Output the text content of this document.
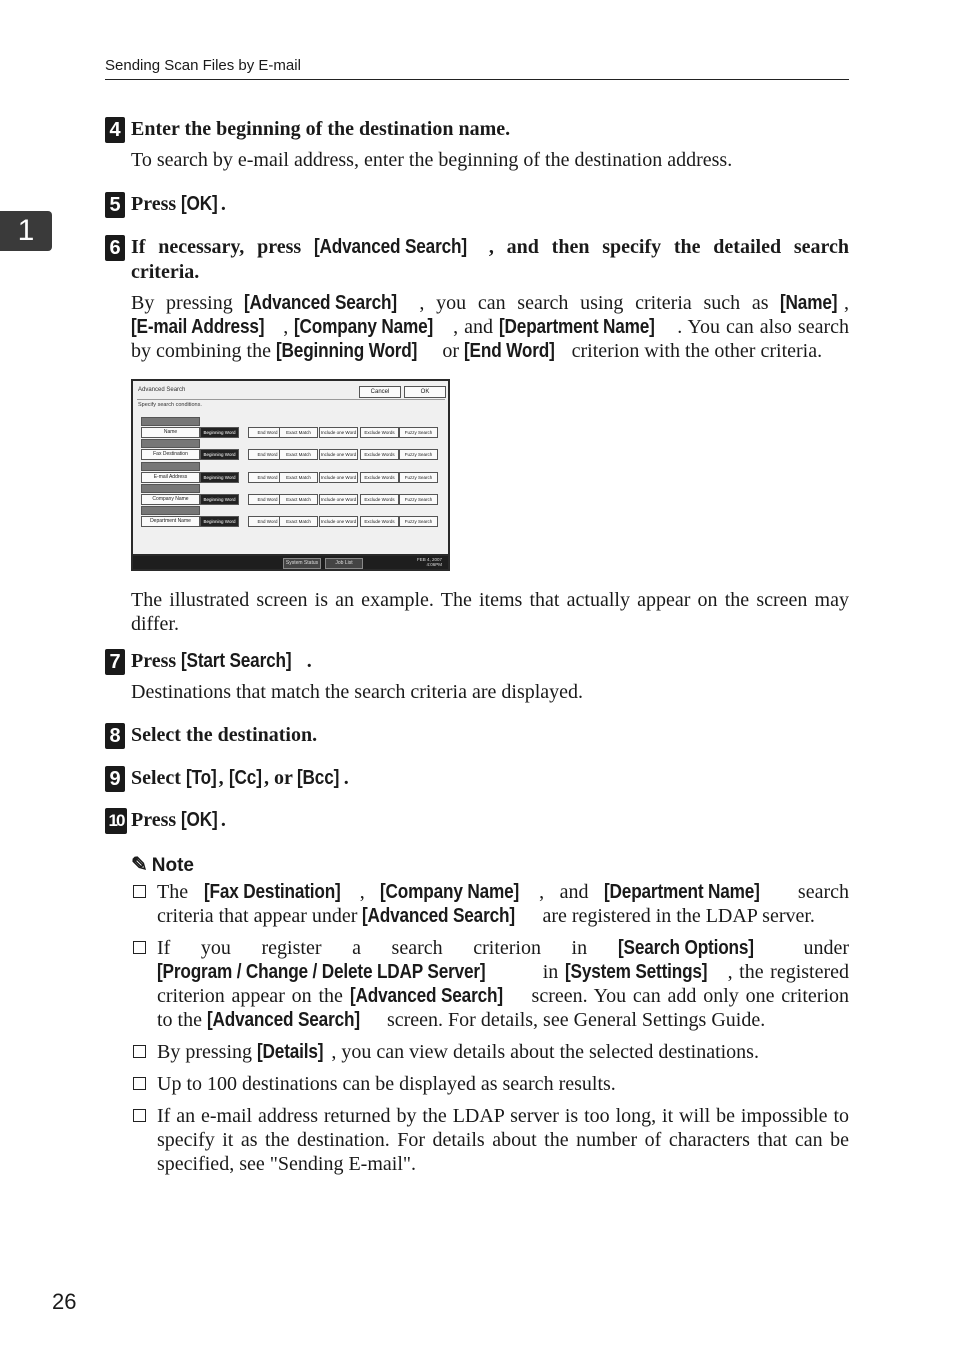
Sending Scan Files by E-mail
1
4 Enter the beginning of the destination name.
To search by e-mail address, enter the beginning of the destination address.
5 Press [OK] .
6 If necessary, press [Advanced Search] , and then specify the detailed search criteria.
By pressing [Advanced Search] , you can search using criteria such as [Name] , [E-mail Address] , [Company Name] , and [Department Name] . You can also search by combining the [Beginning Word] or [End Word] criterion with the other criteria.
Advanced Search	Cancel	OK
Specify search conditions.
Name	Beginning Word	End Word	Exact Match	Include one Word	Exclude Words	Fuzzy Search
Fax Destination	Beginning Word	End Word	Exact Match	Include one Word	Exclude Words	Fuzzy Search
E-mail Address	Beginning Word	End Word	Exact Match	Include one Word	Exclude Words	Fuzzy Search
Company Name	Beginning Word	End Word	Exact Match	Include one Word	Exclude Words	Fuzzy Search
Department Name	Beginning Word	End Word	Exact Match	Include one Word	Exclude Words	Fuzzy Search
System Status	Job List
FEB 4, 2007
4:06PM
The illustrated screen is an example. The items that actually appear on the screen may differ.
7 Press [Start Search] .
Destinations that match the search criteria are displayed.
8 Select the destination.
9 Select [To] , [Cc] , or [Bcc] .
10 Press [OK] .
✎ Note
The [Fax Destination] , [Company Name] , and [Department Name] search criteria that appear under [Advanced Search] are registered in the LDAP server.
If you register a search criterion in [Search Options] under [Program / Change / Delete LDAP Server]	in [System Settings] , the registered criterion appear on the [Advanced Search] screen. You can add only one criterion to the [Advanced Search] screen. For details, see General Settings Guide.
By pressing [Details] , you can view details about the selected destinations.
Up to 100 destinations can be displayed as search results.
If an e-mail address returned by the LDAP server is too long, it will be impossible to specify it as the destination. For details about the number of characters that can be specified, see "Sending E-mail".
26
